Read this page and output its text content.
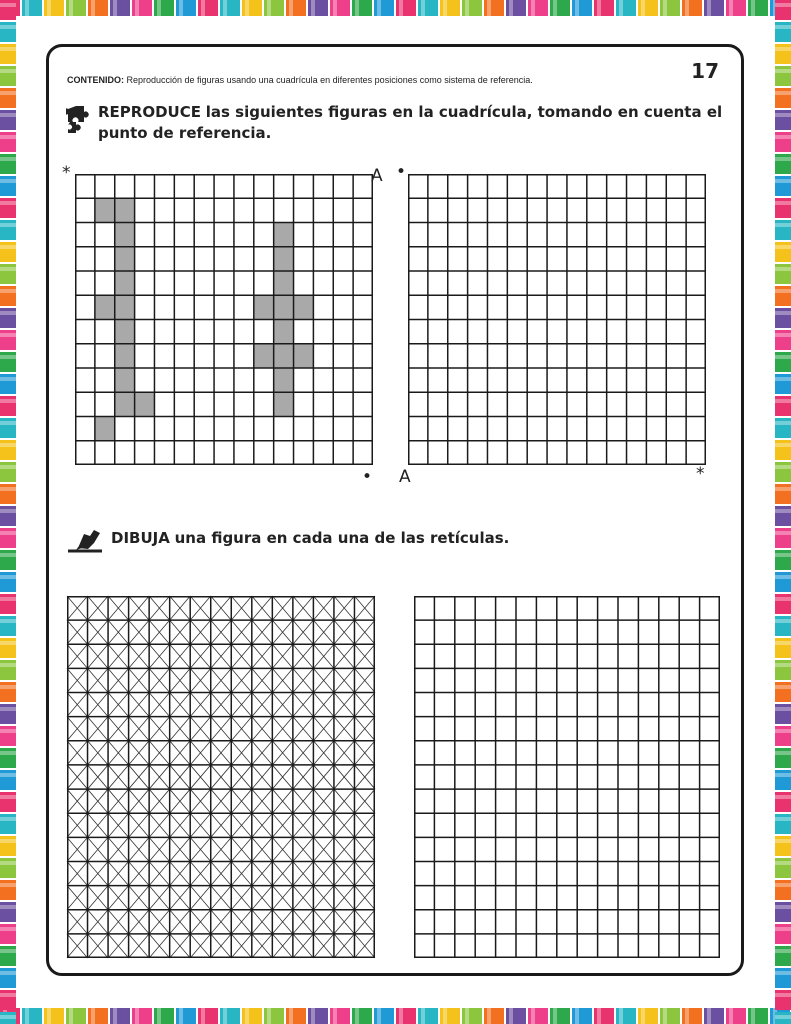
17
CONTENIDO: Reproducción de figuras usando una cuadrícula en diferentes posiciones como sistema de referencia.
REPRODUCE las siguientes figuras en la cuadrícula, tomando en cuenta el punto de referencia.
*	A
•
•
A	*
DIBUJA una figura en cada una de las retículas.
